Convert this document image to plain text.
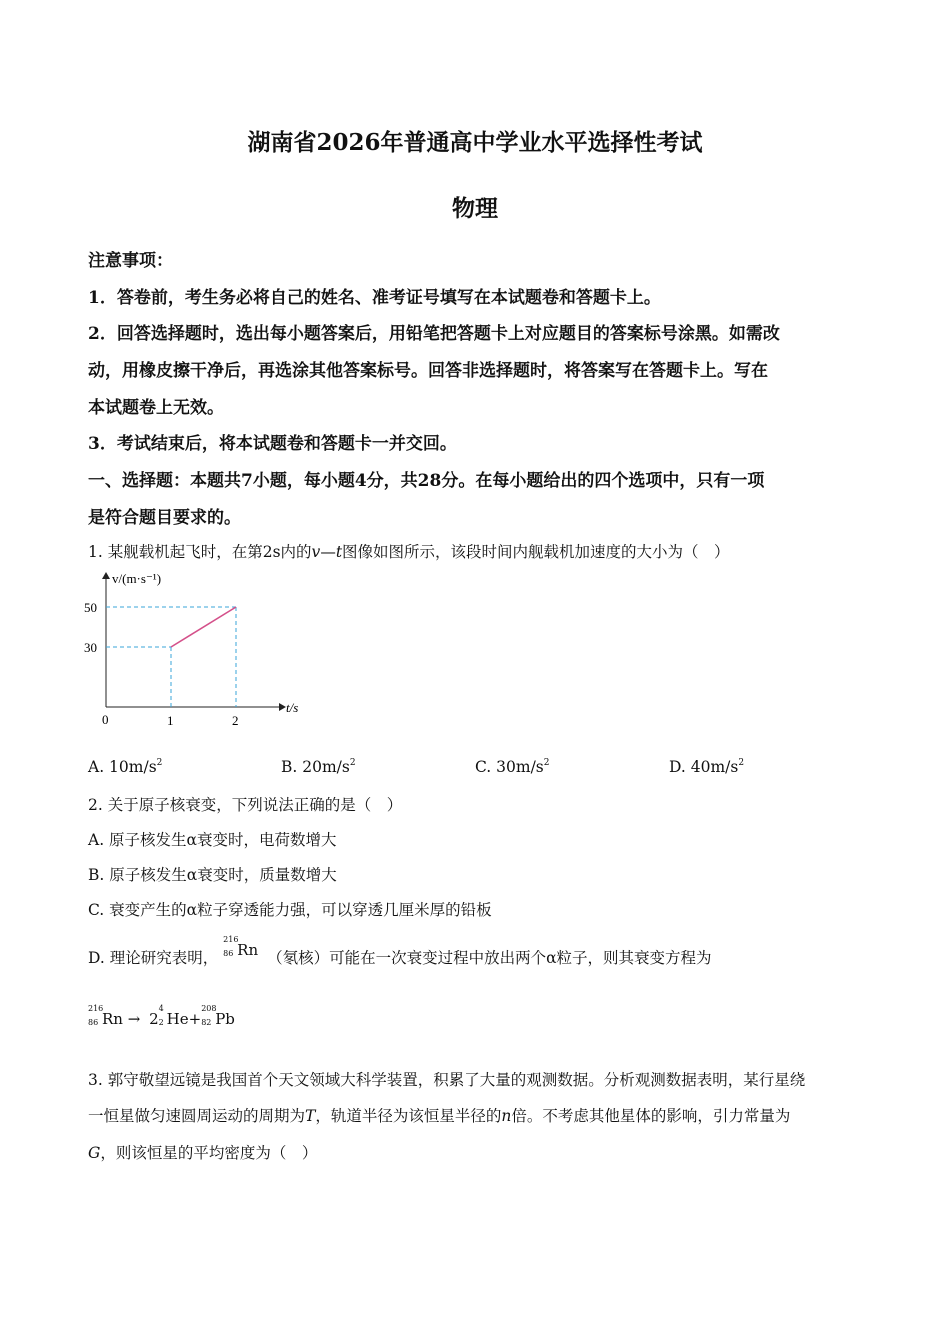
湖南省2026年普通高中学业水平选择性考试
物理
注意事项：
1．答卷前，考生务必将自己的姓名、准考证号填写在本试题卷和答题卡上。
2．回答选择题时，选出每小题答案后，用铅笔把答题卡上对应题目的答案标号涂黑。如需改
动，用橡皮擦干净后，再选涂其他答案标号。回答非选择题时，将答案写在答题卡上。写在
本试题卷上无效。
3．考试结束后，将本试题卷和答题卡一并交回。
一、选择题：本题共7小题，每小题4分，共28分。在每小题给出的四个选项中，只有一项
是符合题目要求的。
1. 某舰载机起飞时，在第2s内的v—t图像如图所示，该段时间内舰载机加速度的大小为（　）
1	2
30
50
v/(m·s⁻¹)
t/s
0
A. $10m/s^2$	B. $20m/s^2$	C. $30m/s^2$	D. $40m/s^2$
2. 关于原子核衰变，下列说法正确的是（　）
A. 原子核发生α衰变时，电荷数增大
B. 原子核发生α衰变时，质量数增大
C. 衰变产生的α粒子穿透能力强，可以穿透几厘米厚的铅板
D. 理论研究表明，
216
86 Rn （氡核）可能在一次衰变过程中放出两个α粒子，则其衰变方程为
216
86 Rn → 2
4
2 He+
208
82 Pb
3. 郭守敬望远镜是我国首个天文领域大科学装置，积累了大量的观测数据。分析观测数据表明，某行星绕
一恒星做匀速圆周运动的周期为T，轨道半径为该恒星半径的n倍。不考虑其他星体的影响，引力常量为
G，则该恒星的平均密度为（　）
